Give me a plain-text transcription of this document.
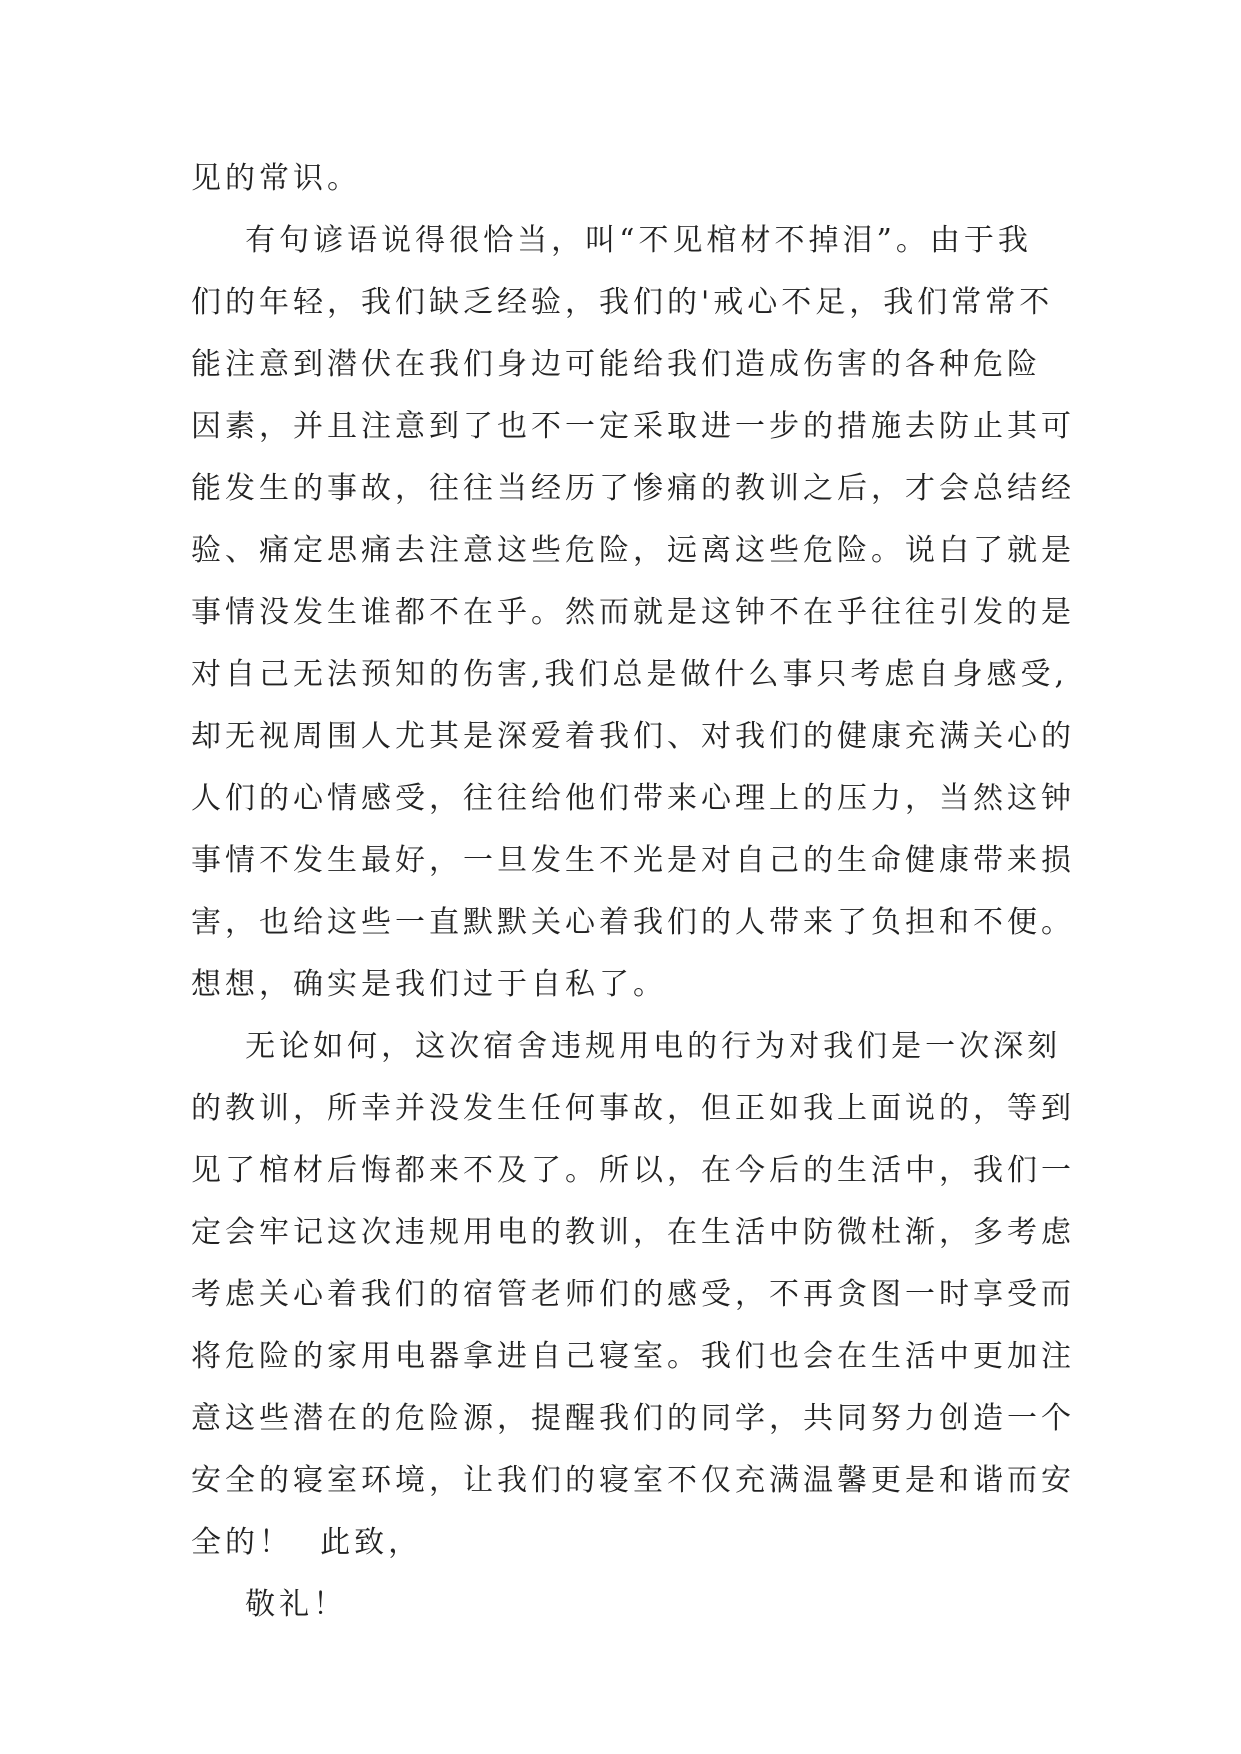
见的常识。
有句谚语说得很恰当，叫“不见棺材不掉泪”。由于我
们的年轻，我们缺乏经验，我们的'戒心不足，我们常常不
能注意到潜伏在我们身边可能给我们造成伤害的各种危险
因素，并且注意到了也不一定采取进一步的措施去防止其可
能发生的事故，往往当经历了惨痛的教训之后，才会总结经
验、痛定思痛去注意这些危险，远离这些危险。说白了就是
事情没发生谁都不在乎。然而就是这钟不在乎往往引发的是
对自己无法预知的伤害,我们总是做什么事只考虑自身感受,
却无视周围人尤其是深爱着我们、对我们的健康充满关心的
人们的心情感受，往往给他们带来心理上的压力，当然这钟
事情不发生最好，一旦发生不光是对自己的生命健康带来损
害，也给这些一直默默关心着我们的人带来了负担和不便。
想想，确实是我们过于自私了。
无论如何，这次宿舍违规用电的行为对我们是一次深刻
的教训，所幸并没发生任何事故，但正如我上面说的，等到
见了棺材后悔都来不及了。所以，在今后的生活中，我们一
定会牢记这次违规用电的教训，在生活中防微杜渐，多考虑
考虑关心着我们的宿管老师们的感受，不再贪图一时享受而
将危险的家用电器拿进自己寝室。我们也会在生活中更加注
意这些潜在的危险源，提醒我们的同学，共同努力创造一个
安全的寝室环境，让我们的寝室不仅充满温馨更是和谐而安
全的！  此致，
敬礼！
